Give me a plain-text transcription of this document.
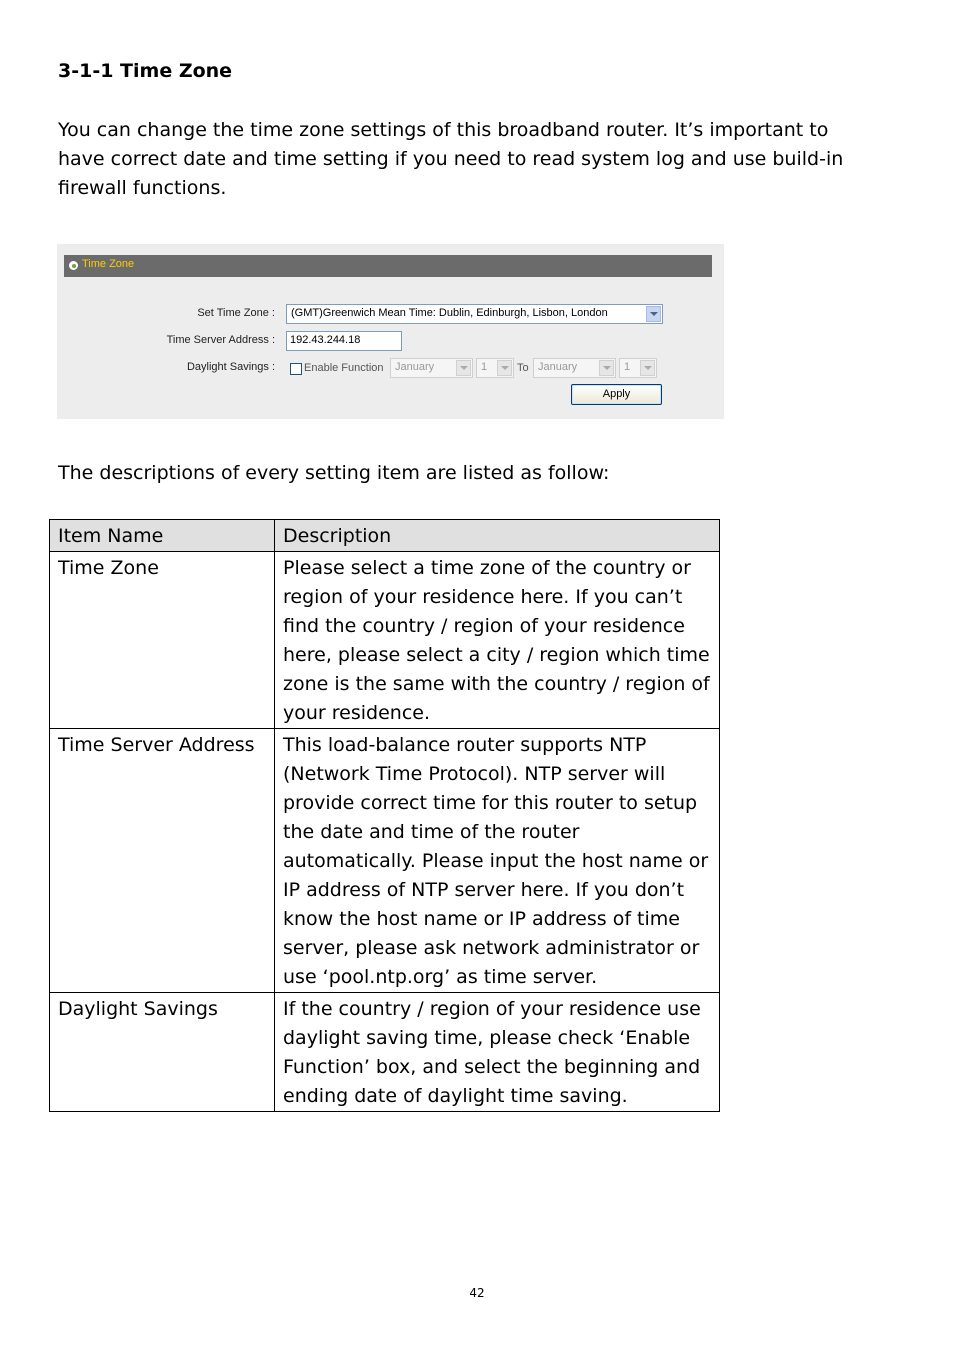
3-1-1 Time Zone
You can change the time zone settings of this broadband router. It’s important to have correct date and time setting if you need to read system log and use build-in firewall functions.
Time Zone
Set Time Zone : (GMT)Greenwich Mean Time: Dublin, Edinburgh, Lisbon, London
Time Server Address : 192.43.244.18
Daylight Savings :	Enable Function January	1	To January	1
Apply
The descriptions of every setting item are listed as follow:
Item Name	Description
Time Zone	Please select a time zone of the country or region of your residence here. If you can’t find the country / region of your residence here, please select a city / region which time zone is the same with the country / region of your residence.
Time Server Address	This load-balance router supports NTP (Network Time Protocol). NTP server will provide correct time for this router to setup the date and time of the router automatically. Please input the host name or IP address of NTP server here. If you don’t know the host name or IP address of time server, please ask network administrator or use ‘pool.ntp.org’ as time server.
Daylight Savings	If the country / region of your residence use daylight saving time, please check ‘Enable Function’ box, and select the beginning and ending date of daylight time saving.
42
